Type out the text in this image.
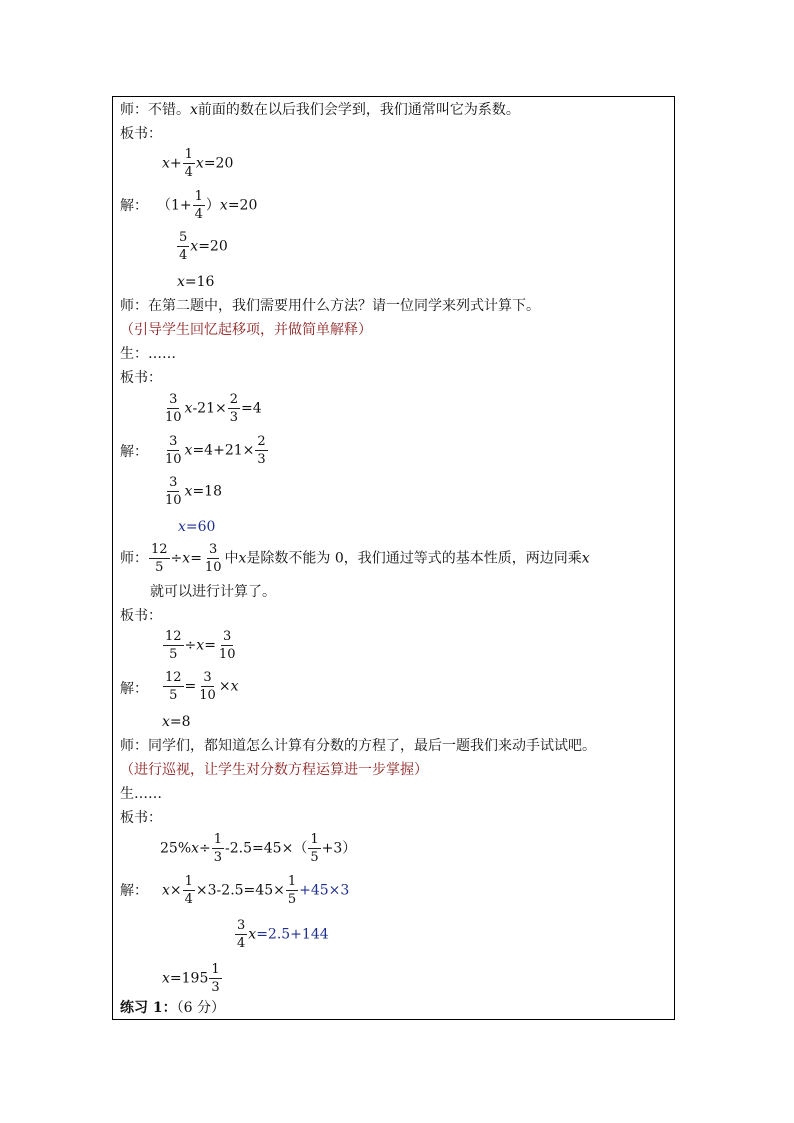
师：不错。x前面的数在以后我们会学到，我们通常叫它为系数。
板书：
$x+ \frac{1}{4} x=20$
解： $(1+ \frac{1}{4} )x=20$
$\frac{5}{4} x=20$
x=16
师：在第二题中，我们需要用什么方法？请一位同学来列式计算下。
（引导学生回忆起移项，并做简单解释）
生：……
板书：
$\frac{3}{10} x-21\times \frac{2}{3} =4$
解： $\frac{3}{10} x=4+21\times \frac{2}{3}$
$\frac{3}{10} x=18$
x=60
师： $\frac{12}{5} \div x= \frac{3}{10}$ 中x是除数不能为 0，我们通过等式的基本性质，两边同乘x
就可以进行计算了。
板书：
$\frac{12}{5} \div x= \frac{3}{10}$
解： $\frac{12}{5} = \frac{3}{10} \times x$
x=8
师：同学们，都知道怎么计算有分数的方程了，最后一题我们来动手试试吧。
（进行巡视，让学生对分数方程运算进一步掌握）
生……
板书：
$25\%x\div \frac{1}{3} -2.5=45\times( \frac{1}{5} +3)$
解： $x\times \frac{1}{4} \times 3-2.5=45\times \frac{1}{5} +45\times 3$
$\frac{3}{4} x=2.5+144$
$x=195 \frac{1}{3}$
练习 1：（6 分）
